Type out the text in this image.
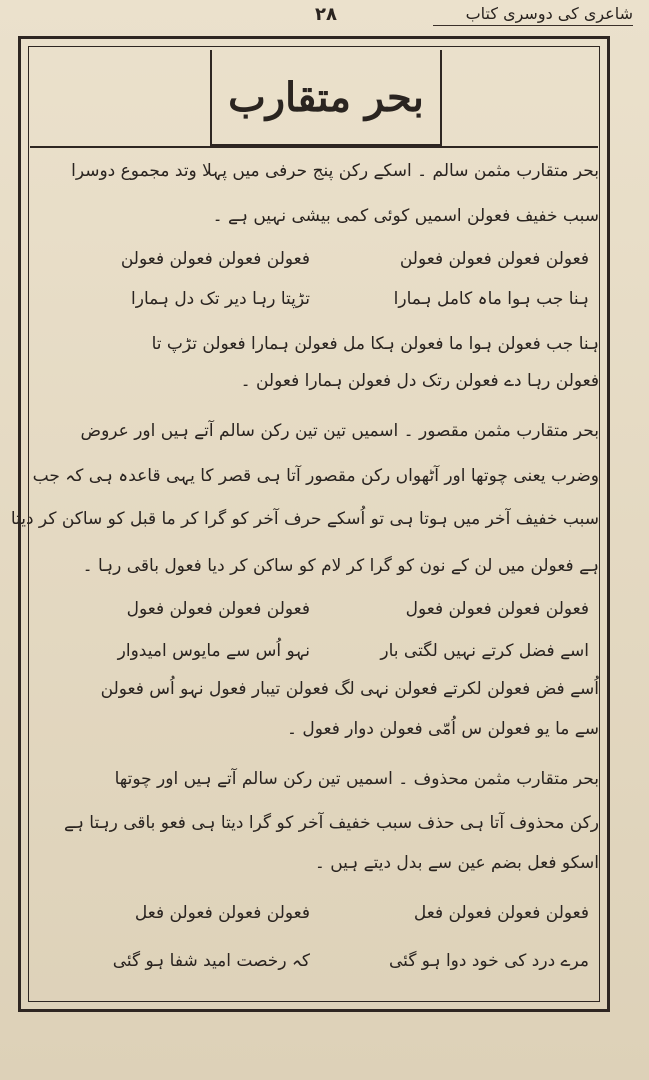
۲۸	شاعری کی دوسری کتاب
بحر متقارب
بحر متقارب مثمن سالم ۔ اسکے رکن پنج حرفی میں پہلا وتد مجموع دوسرا
سبب خفیف فعولن اسمیں کوئی کمی بیشی نہیں ہے ۔
فعولن فعولن فعولن فعولن
فعولن فعولن فعولن فعولن
ہنا جب ہوا ماہ کامل ہمارا
تڑپتا رہا دیر تک دل ہمارا
ہنا جب فعولن ہوا ما فعولن ہکا مل فعولن ہمارا فعولن تڑپ تا
فعولن رہا دے فعولن رتک دل فعولن ہمارا فعولن ۔
بحر متقارب مثمن مقصور ۔ اسمیں تین تین رکن سالم آتے ہیں اور عروض
وضرب یعنی چوتھا اور آٹھواں رکن مقصور آتا ہی قصر کا یہی قاعدہ ہی کہ جب
سبب خفیف آخر میں ہوتا ہی تو اُسکے حرف آخر کو گرا کر ما قبل کو ساکن کر دیتا
ہے فعولن میں لن کے نون کو گرا کر لام کو ساکن کر دیا فعول باقی رہا ۔
فعولن فعولن فعولن فعول
فعولن فعولن فعولن فعول
اسے فضل کرتے نہیں لگتی بار
نہو اُس سے مایوس امیدوار
اُسے فض فعولن لکرتے فعولن نہی لگ فعولن تیبار فعول نہو اُس فعولن
سے ما یو فعولن س اُمّی فعولن دوار فعول ۔
بحر متقارب مثمن محذوف ۔ اسمیں تین رکن سالم آتے ہیں اور چوتھا
رکن محذوف آتا ہی حذف سبب خفیف آخر کو گرا دیتا ہی فعو باقی رہتا ہے
اسکو فعل بضم عین سے بدل دیتے ہیں ۔
فعولن فعولن فعولن فعل
فعولن فعولن فعولن فعل
مرے درد کی خود دوا ہو گئی
کہ رخصت امید شفا ہو گئی
